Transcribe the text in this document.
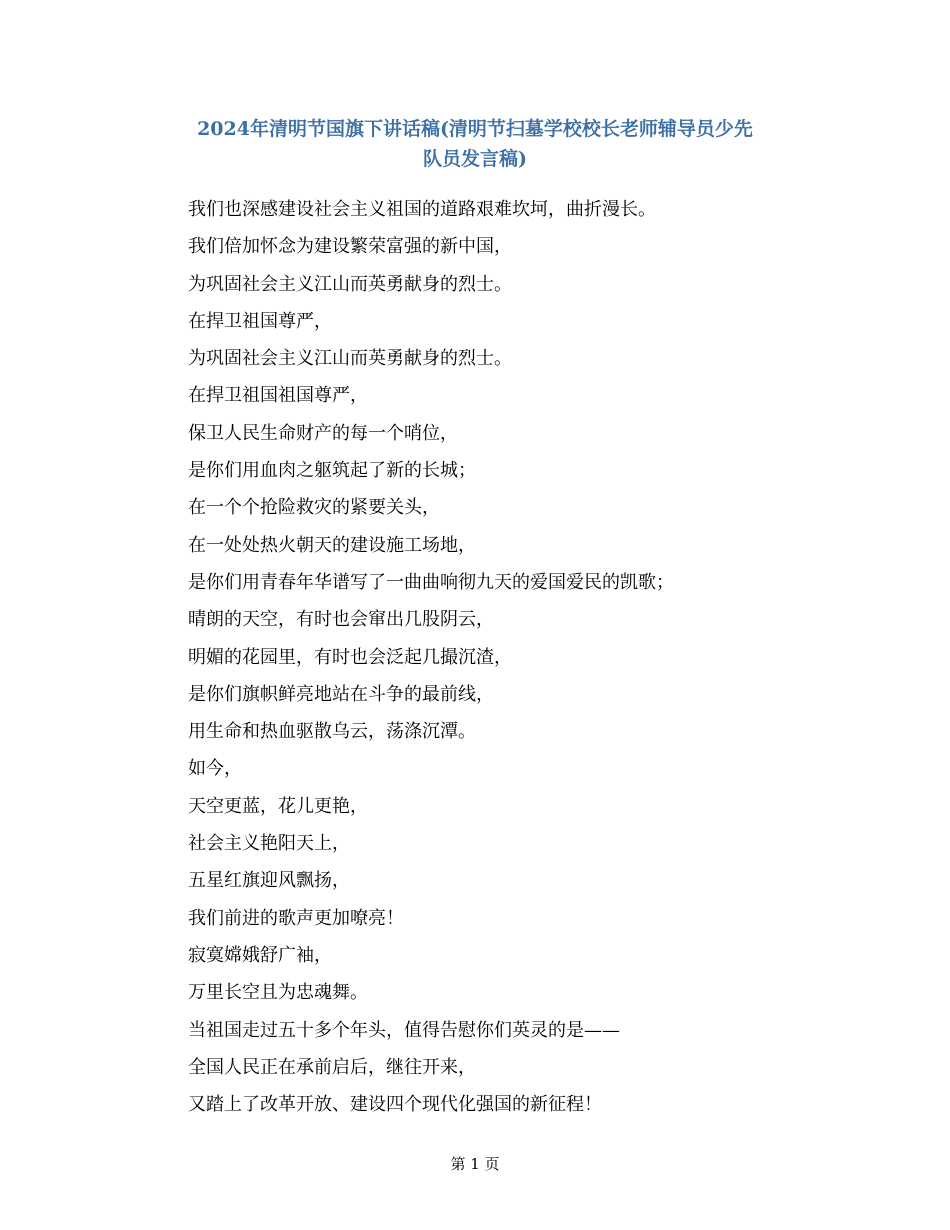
2024年清明节国旗下讲话稿(清明节扫墓学校校长老师辅导员少先
队员发言稿)
我们也深感建设社会主义祖国的道路艰难坎坷，曲折漫长。
我们倍加怀念为建设繁荣富强的新中国，
为巩固社会主义江山而英勇献身的烈士。
在捍卫祖国尊严，
为巩固社会主义江山而英勇献身的烈士。
在捍卫祖国祖国尊严，
保卫人民生命财产的每一个哨位，
是你们用血肉之躯筑起了新的长城；
在一个个抢险救灾的紧要关头，
在一处处热火朝天的建设施工场地，
是你们用青春年华谱写了一曲曲响彻九天的爱国爱民的凯歌；
晴朗的天空，有时也会窜出几股阴云，
明媚的花园里，有时也会泛起几撮沉渣，
是你们旗帜鲜亮地站在斗争的最前线，
用生命和热血驱散乌云，荡涤沉潭。
如今，
天空更蓝，花儿更艳，
社会主义艳阳天上，
五星红旗迎风飘扬，
我们前进的歌声更加嘹亮！
寂寞嫦娥舒广袖，
万里长空且为忠魂舞。
当祖国走过五十多个年头，值得告慰你们英灵的是——
全国人民正在承前启后，继往开来，
又踏上了改革开放、建设四个现代化强国的新征程！
第 1 页
